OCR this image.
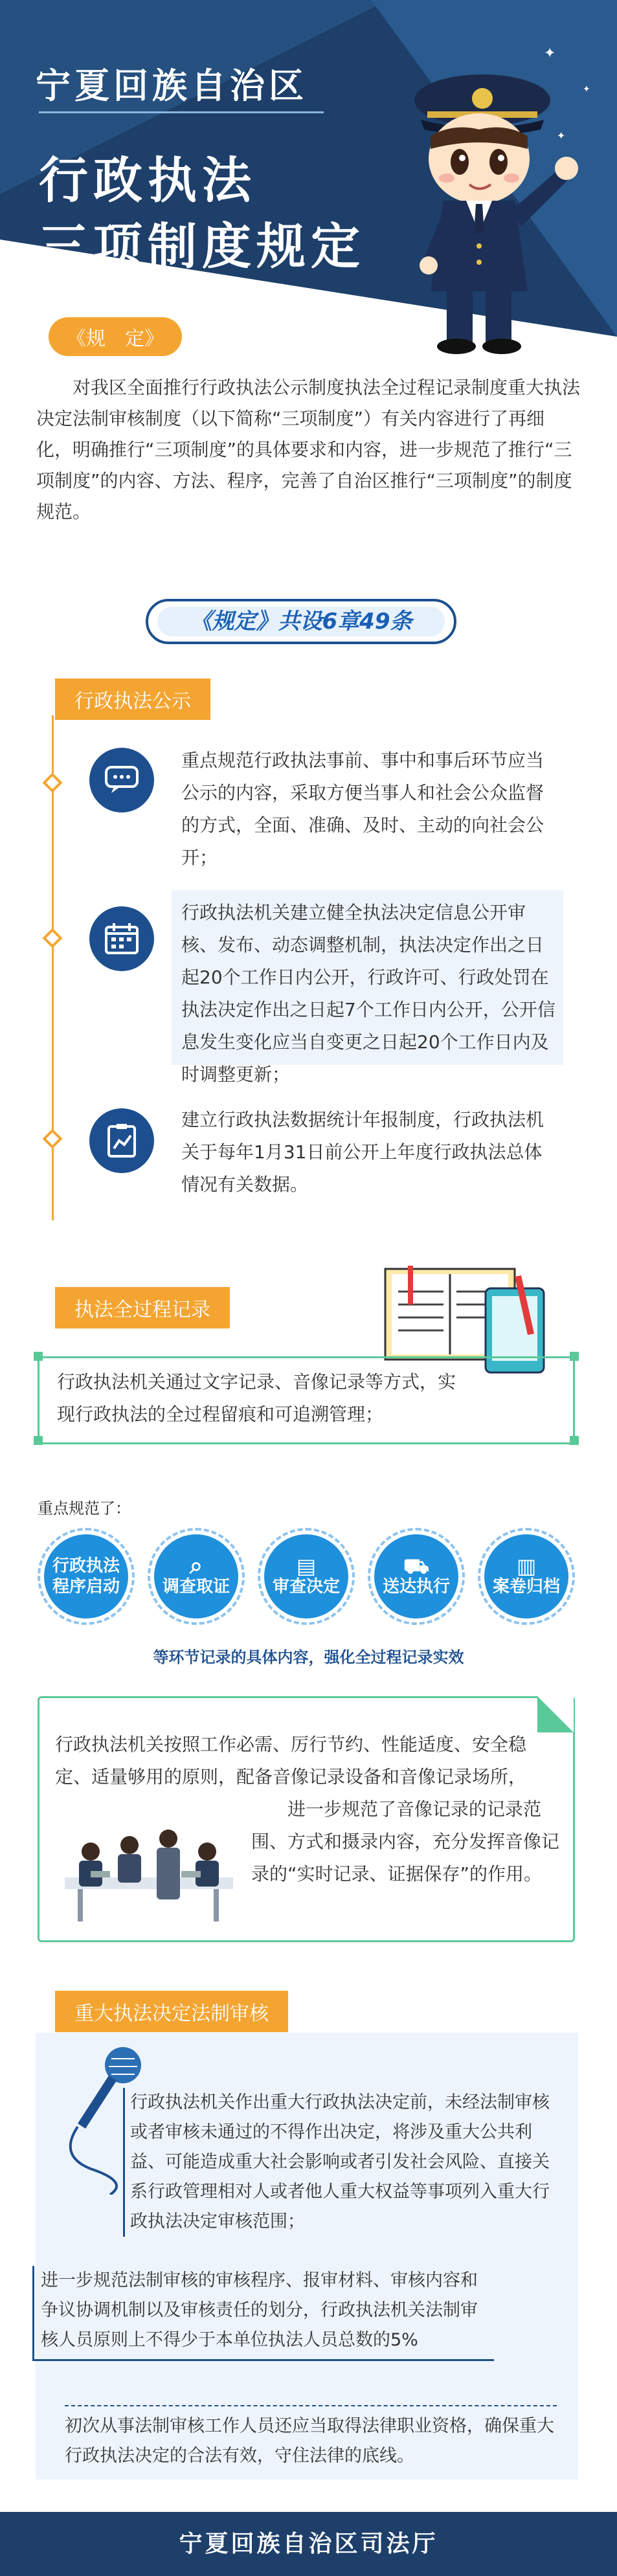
✦
✦
✦
宁夏回族自治区
行政执法
三项制度规定
· · · · · · · · · · · · · ·
《规　定》
对我区全面推行行政执法公示制度执法全过程记录制度重大执法决定法制审核制度（以下简称“三项制度”）有关内容进行了再细化，明确推行“三项制度”的具体要求和内容，进一步规范了推行“三项制度”的内容、方法、程序，完善了自治区推行“三项制度”的制度规范。
《规定》共设6章49条
行政执法公示
重点规范行政执法事前、事中和事后环节应当公示的内容，采取方便当事人和社会公众监督的方式，全面、准确、及时、主动的向社会公开；
行政执法机关建立健全执法决定信息公开审核、发布、动态调整机制，执法决定作出之日起20个工作日内公开，行政许可、行政处罚在执法决定作出之日起7个工作日内公开，公开信息发生变化应当自变更之日起20个工作日内及时调整更新；
建立行政执法数据统计年报制度，行政执法机关于每年1月31日前公开上年度行政执法总体情况有关数据。
执法全过程记录
行政执法机关通过文字记录、音像记录等方式，实现行政执法的全过程留痕和可追溯管理；
重点规范了：
行政执法
程序启动
⌕
调查取证
▤
审查决定
⛟
送达执行
▥
案卷归档
等环节记录的具体内容，强化全过程记录实效
行政执法机关按照工作必需、厉行节约、性能适度、安全稳定、适量够用的原则，配备音像记录设备和音像记录场所，
进一步规范了音像记录的记录范围、方式和摄录内容，充分发挥音像记录的“实时记录、证据保存”的作用。
重大执法决定法制审核
行政执法机关作出重大行政执法决定前，未经法制审核或者审核未通过的不得作出决定，将涉及重大公共利益、可能造成重大社会影响或者引发社会风险、直接关系行政管理相对人或者他人重大权益等事项列入重大行政执法决定审核范围；
进一步规范法制审核的审核程序、报审材料、审核内容和争议协调机制以及审核责任的划分，行政执法机关法制审核人员原则上不得少于本单位执法人员总数的5%
初次从事法制审核工作人员还应当取得法律职业资格，确保重大行政执法决定的合法有效，守住法律的底线。
宁夏回族自治区司法厅
